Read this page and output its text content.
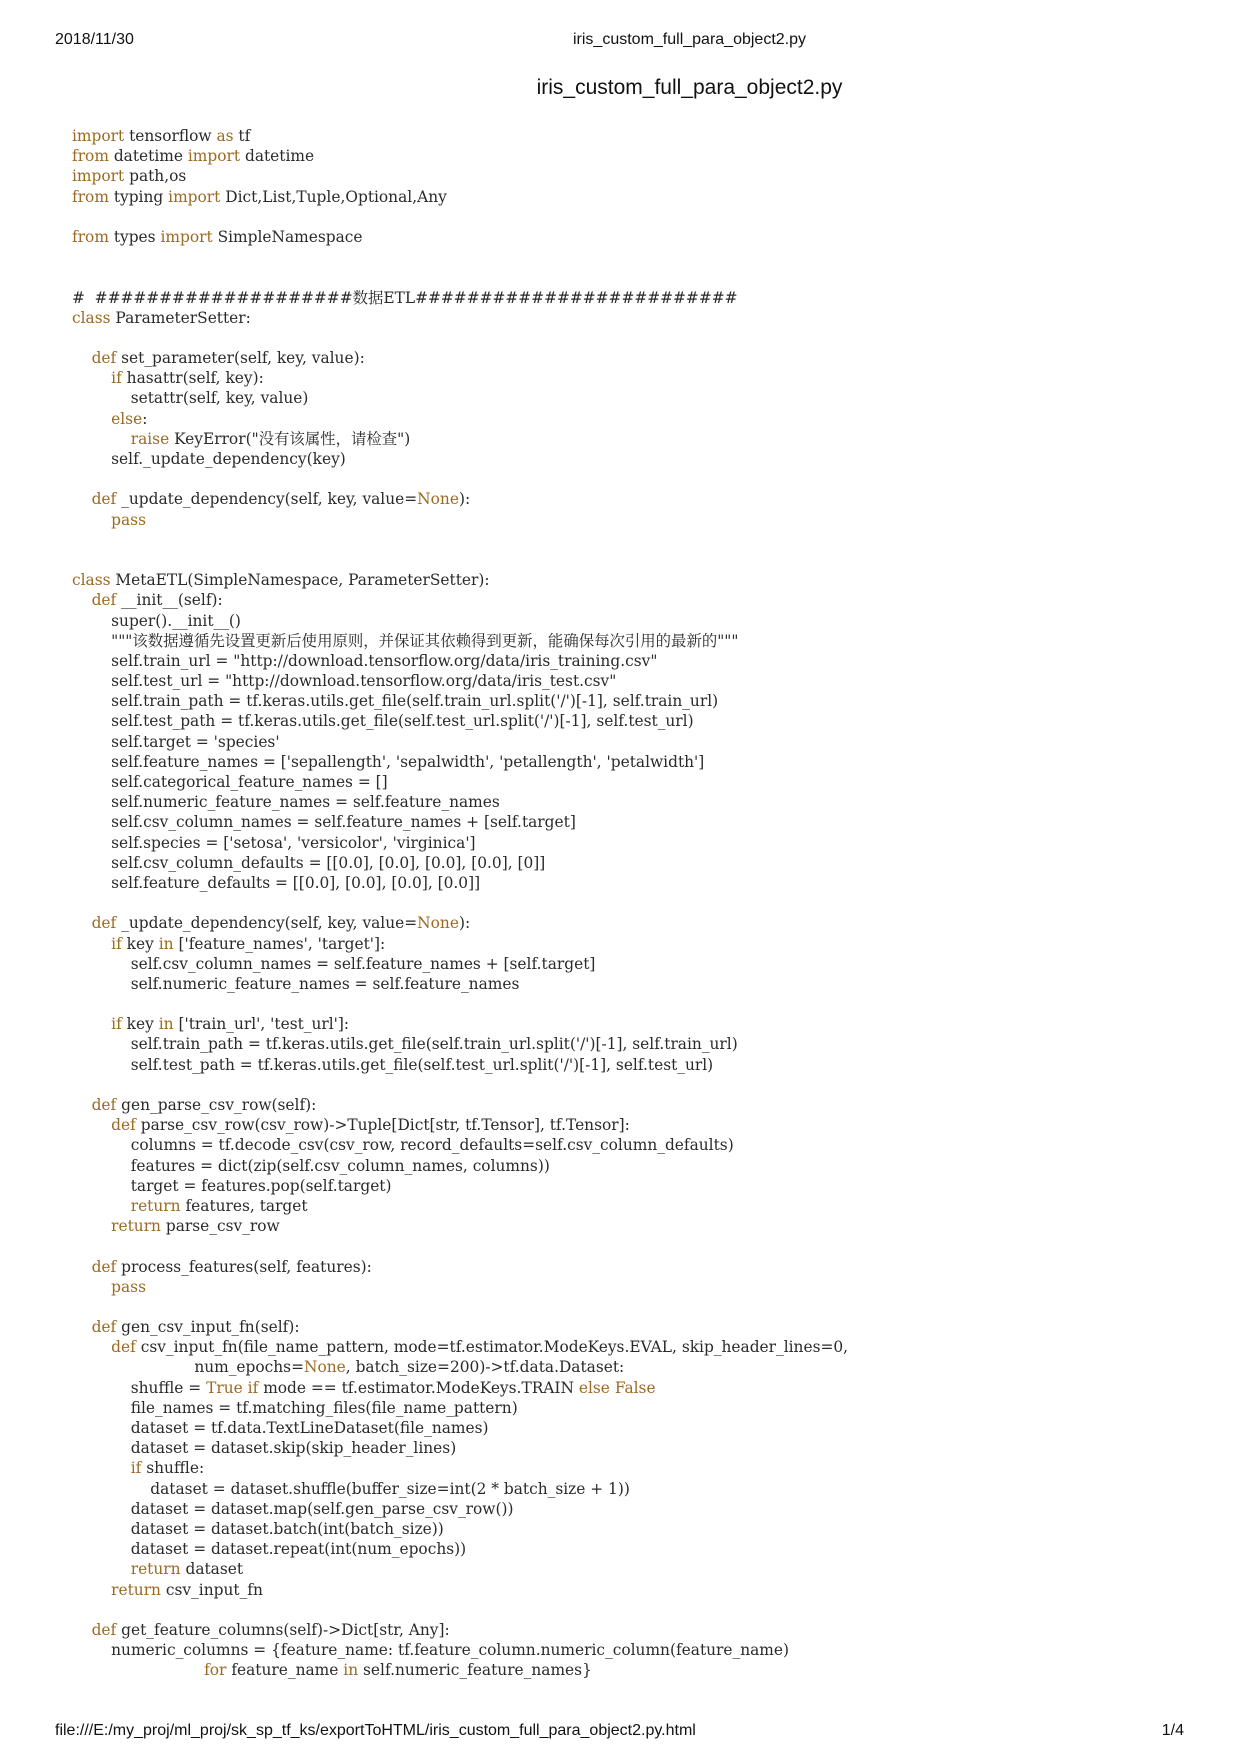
2018/11/30	iris_custom_full_para_object2.py
iris_custom_full_para_object2.py
import tensorflow as tf
from datetime import datetime
import path,os
from typing import Dict,List,Tuple,Optional,Any

from types import SimpleNamespace

#  ####################数据ETL#########################
class ParameterSetter:

def set_parameter(self, key, value):
if hasattr(self, key):
setattr(self, key, value)
else:
raise KeyError("没有该属性，请检查")
self._update_dependency(key)

def _update_dependency(self, key, value=None):
pass

class MetaETL(SimpleNamespace, ParameterSetter):
def __init__(self):
super().__init__()
"""该数据遵循先设置更新后使用原则，并保证其依赖得到更新，能确保每次引用的最新的"""
self.train_url = "http://download.tensorflow.org/data/iris_training.csv"
self.test_url = "http://download.tensorflow.org/data/iris_test.csv"
self.train_path = tf.keras.utils.get_file(self.train_url.split('/')[-1], self.train_url)
self.test_path = tf.keras.utils.get_file(self.test_url.split('/')[-1], self.test_url)
self.target = 'species'
self.feature_names = ['sepallength', 'sepalwidth', 'petallength', 'petalwidth']
self.categorical_feature_names = []
self.numeric_feature_names = self.feature_names
self.csv_column_names = self.feature_names + [self.target]
self.species = ['setosa', 'versicolor', 'virginica']
self.csv_column_defaults = [[0.0], [0.0], [0.0], [0.0], [0]]
self.feature_defaults = [[0.0], [0.0], [0.0], [0.0]]

def _update_dependency(self, key, value=None):
if key in ['feature_names', 'target']:
self.csv_column_names = self.feature_names + [self.target]
self.numeric_feature_names = self.feature_names

if key in ['train_url', 'test_url']:
self.train_path = tf.keras.utils.get_file(self.train_url.split('/')[-1], self.train_url)
self.test_path = tf.keras.utils.get_file(self.test_url.split('/')[-1], self.test_url)

def gen_parse_csv_row(self):
def parse_csv_row(csv_row)->Tuple[Dict[str, tf.Tensor], tf.Tensor]:
columns = tf.decode_csv(csv_row, record_defaults=self.csv_column_defaults)
features = dict(zip(self.csv_column_names, columns))
target = features.pop(self.target)
return features, target
return parse_csv_row

def process_features(self, features):
pass

def gen_csv_input_fn(self):
def csv_input_fn(file_name_pattern, mode=tf.estimator.ModeKeys.EVAL, skip_header_lines=0,
num_epochs=None, batch_size=200)->tf.data.Dataset:
shuffle = True if mode == tf.estimator.ModeKeys.TRAIN else False
file_names = tf.matching_files(file_name_pattern)
dataset = tf.data.TextLineDataset(file_names)
dataset = dataset.skip(skip_header_lines)
if shuffle:
dataset = dataset.shuffle(buffer_size=int(2 * batch_size + 1))
dataset = dataset.map(self.gen_parse_csv_row())
dataset = dataset.batch(int(batch_size))
dataset = dataset.repeat(int(num_epochs))
return dataset
return csv_input_fn

def get_feature_columns(self)->Dict[str, Any]:
numeric_columns = {feature_name: tf.feature_column.numeric_column(feature_name)
for feature_name in self.numeric_feature_names}
file:///E:/my_proj/ml_proj/sk_sp_tf_ks/exportToHTML/iris_custom_full_para_object2.py.html	1/4
